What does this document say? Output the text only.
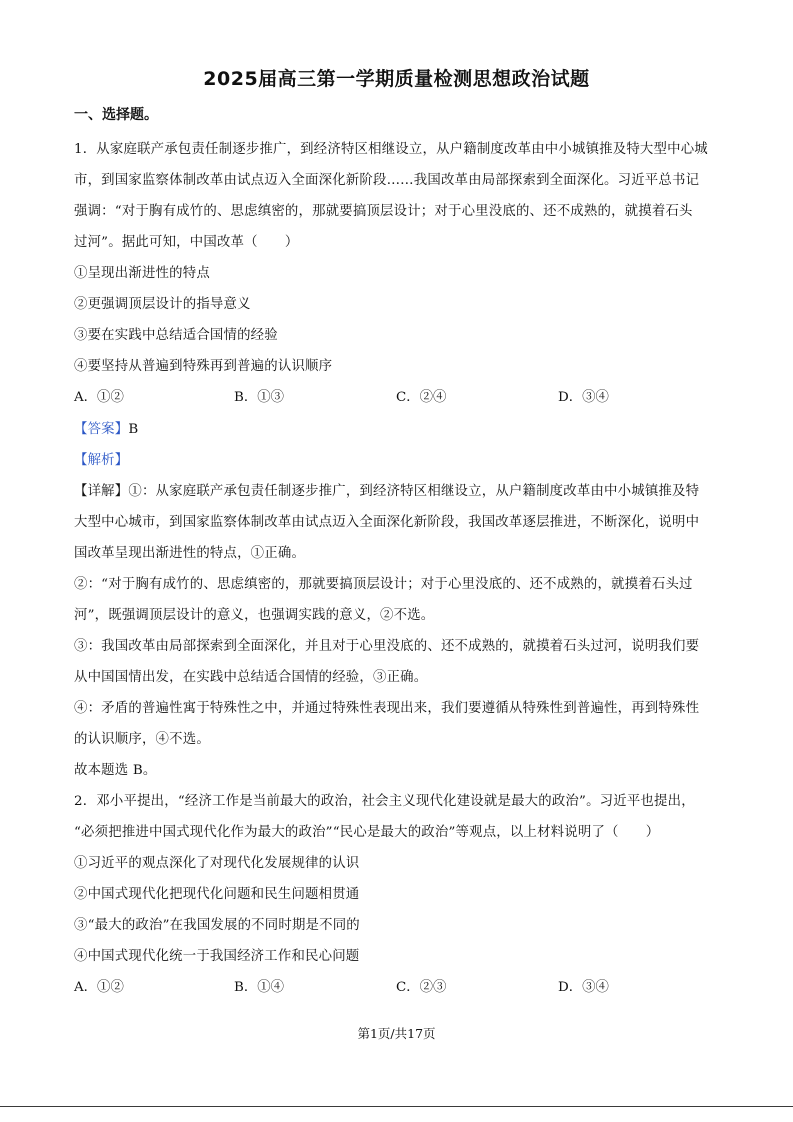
2025届高三第一学期质量检测思想政治试题
一、选择题。
1．从家庭联产承包责任制逐步推广，到经济特区相继设立，从户籍制度改革由中小城镇推及特大型中心城
市，到国家监察体制改革由试点迈入全面深化新阶段……我国改革由局部探索到全面深化。习近平总书记
强调：“对于胸有成竹的、思虑缜密的，那就要搞顶层设计；对于心里没底的、还不成熟的，就摸着石头
过河”。据此可知，中国改革（　　）
①呈现出渐进性的特点
②更强调顶层设计的指导意义
③要在实践中总结适合国情的经验
④要坚持从普遍到特殊再到普遍的认识顺序
A．①②	B．①③	C．②④	D．③④
【答案】B
【解析】
【详解】①：从家庭联产承包责任制逐步推广，到经济特区相继设立，从户籍制度改革由中小城镇推及特
大型中心城市，到国家监察体制改革由试点迈入全面深化新阶段，我国改革逐层推进，不断深化，说明中
国改革呈现出渐进性的特点，①正确。
②：“对于胸有成竹的、思虑缜密的，那就要搞顶层设计；对于心里没底的、还不成熟的，就摸着石头过
河”，既强调顶层设计的意义，也强调实践的意义，②不选。
③：我国改革由局部探索到全面深化，并且对于心里没底的、还不成熟的，就摸着石头过河，说明我们要
从中国国情出发，在实践中总结适合国情的经验，③正确。
④：矛盾的普遍性寓于特殊性之中，并通过特殊性表现出来，我们要遵循从特殊性到普遍性，再到特殊性
的认识顺序，④不选。
故本题选 B。
2．邓小平提出，“经济工作是当前最大的政治，社会主义现代化建设就是最大的政治”。习近平也提出，
“必须把推进中国式现代化作为最大的政治”“民心是最大的政治”等观点，以上材料说明了（　　）
①习近平的观点深化了对现代化发展规律的认识
②中国式现代化把现代化问题和民生问题相贯通
③“最大的政治”在我国发展的不同时期是不同的
④中国式现代化统一于我国经济工作和民心问题
A．①②	B．①④	C．②③	D．③④
第1页/共17页
